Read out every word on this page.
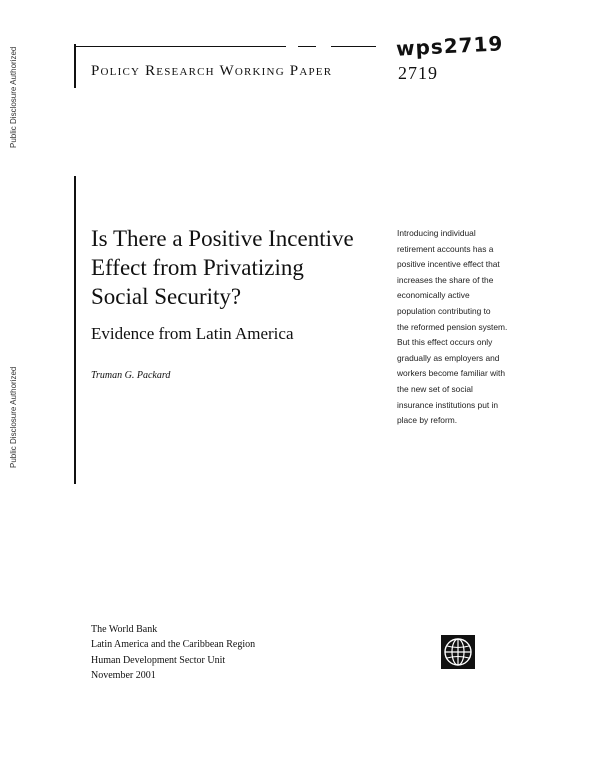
Public Disclosure Authorized
Public Disclosure Authorized
Policy Research Working Paper
wps2719
2719
Is There a Positive Incentive
Effect from Privatizing
Social Security?
Evidence from Latin America
Truman G. Packard
Introducing individual
retirement accounts has a
positive incentive effect that
increases the share of the
economically active
population contributing to
the reformed pension system.
But this effect occurs only
gradually as employers and
workers become familiar with
the new set of social
insurance institutions put in
place by reform.
The World Bank
Latin America and the Caribbean Region
Human Development Sector Unit
November 2001
